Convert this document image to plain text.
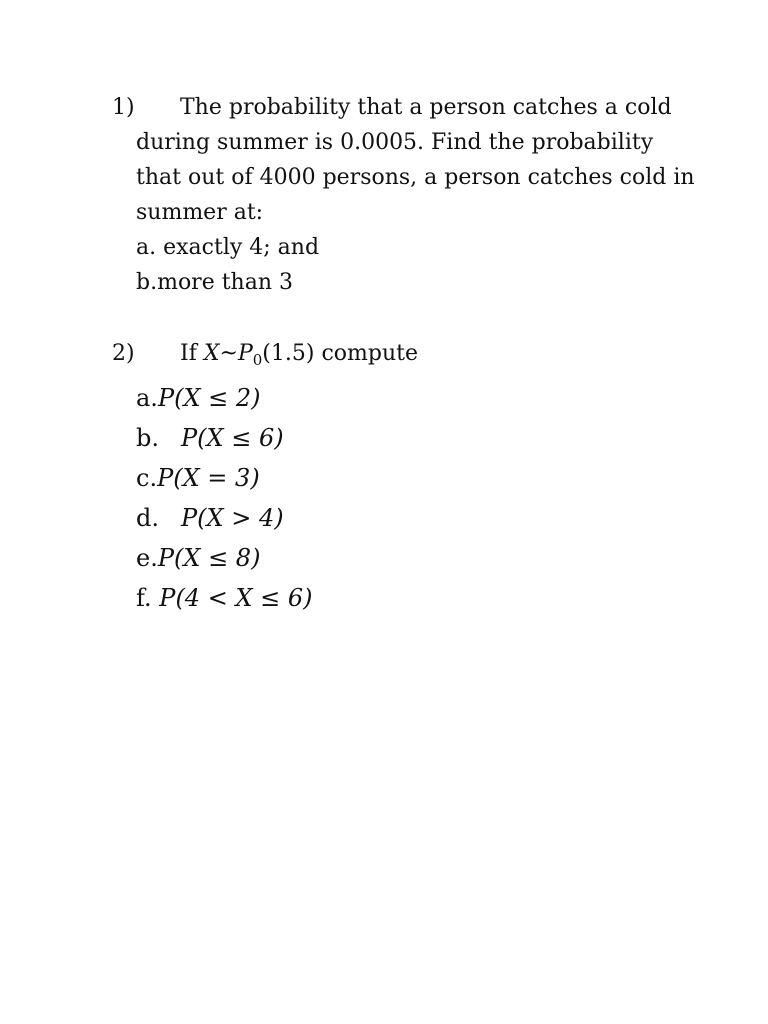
1) The probability that a person catches a cold
during summer is 0.0005. Find the probability
that out of 4000 persons, a person catches cold in
summer at:
a. exactly 4; and
b.more than 3
2) If $X\sim P_0(1.5)$ compute
a.P(X ≤ 2)
b. P(X ≤ 6)
c.P(X = 3)
d. P(X > 4)
e.P(X ≤ 8)
f. P(4 < X ≤ 6)
